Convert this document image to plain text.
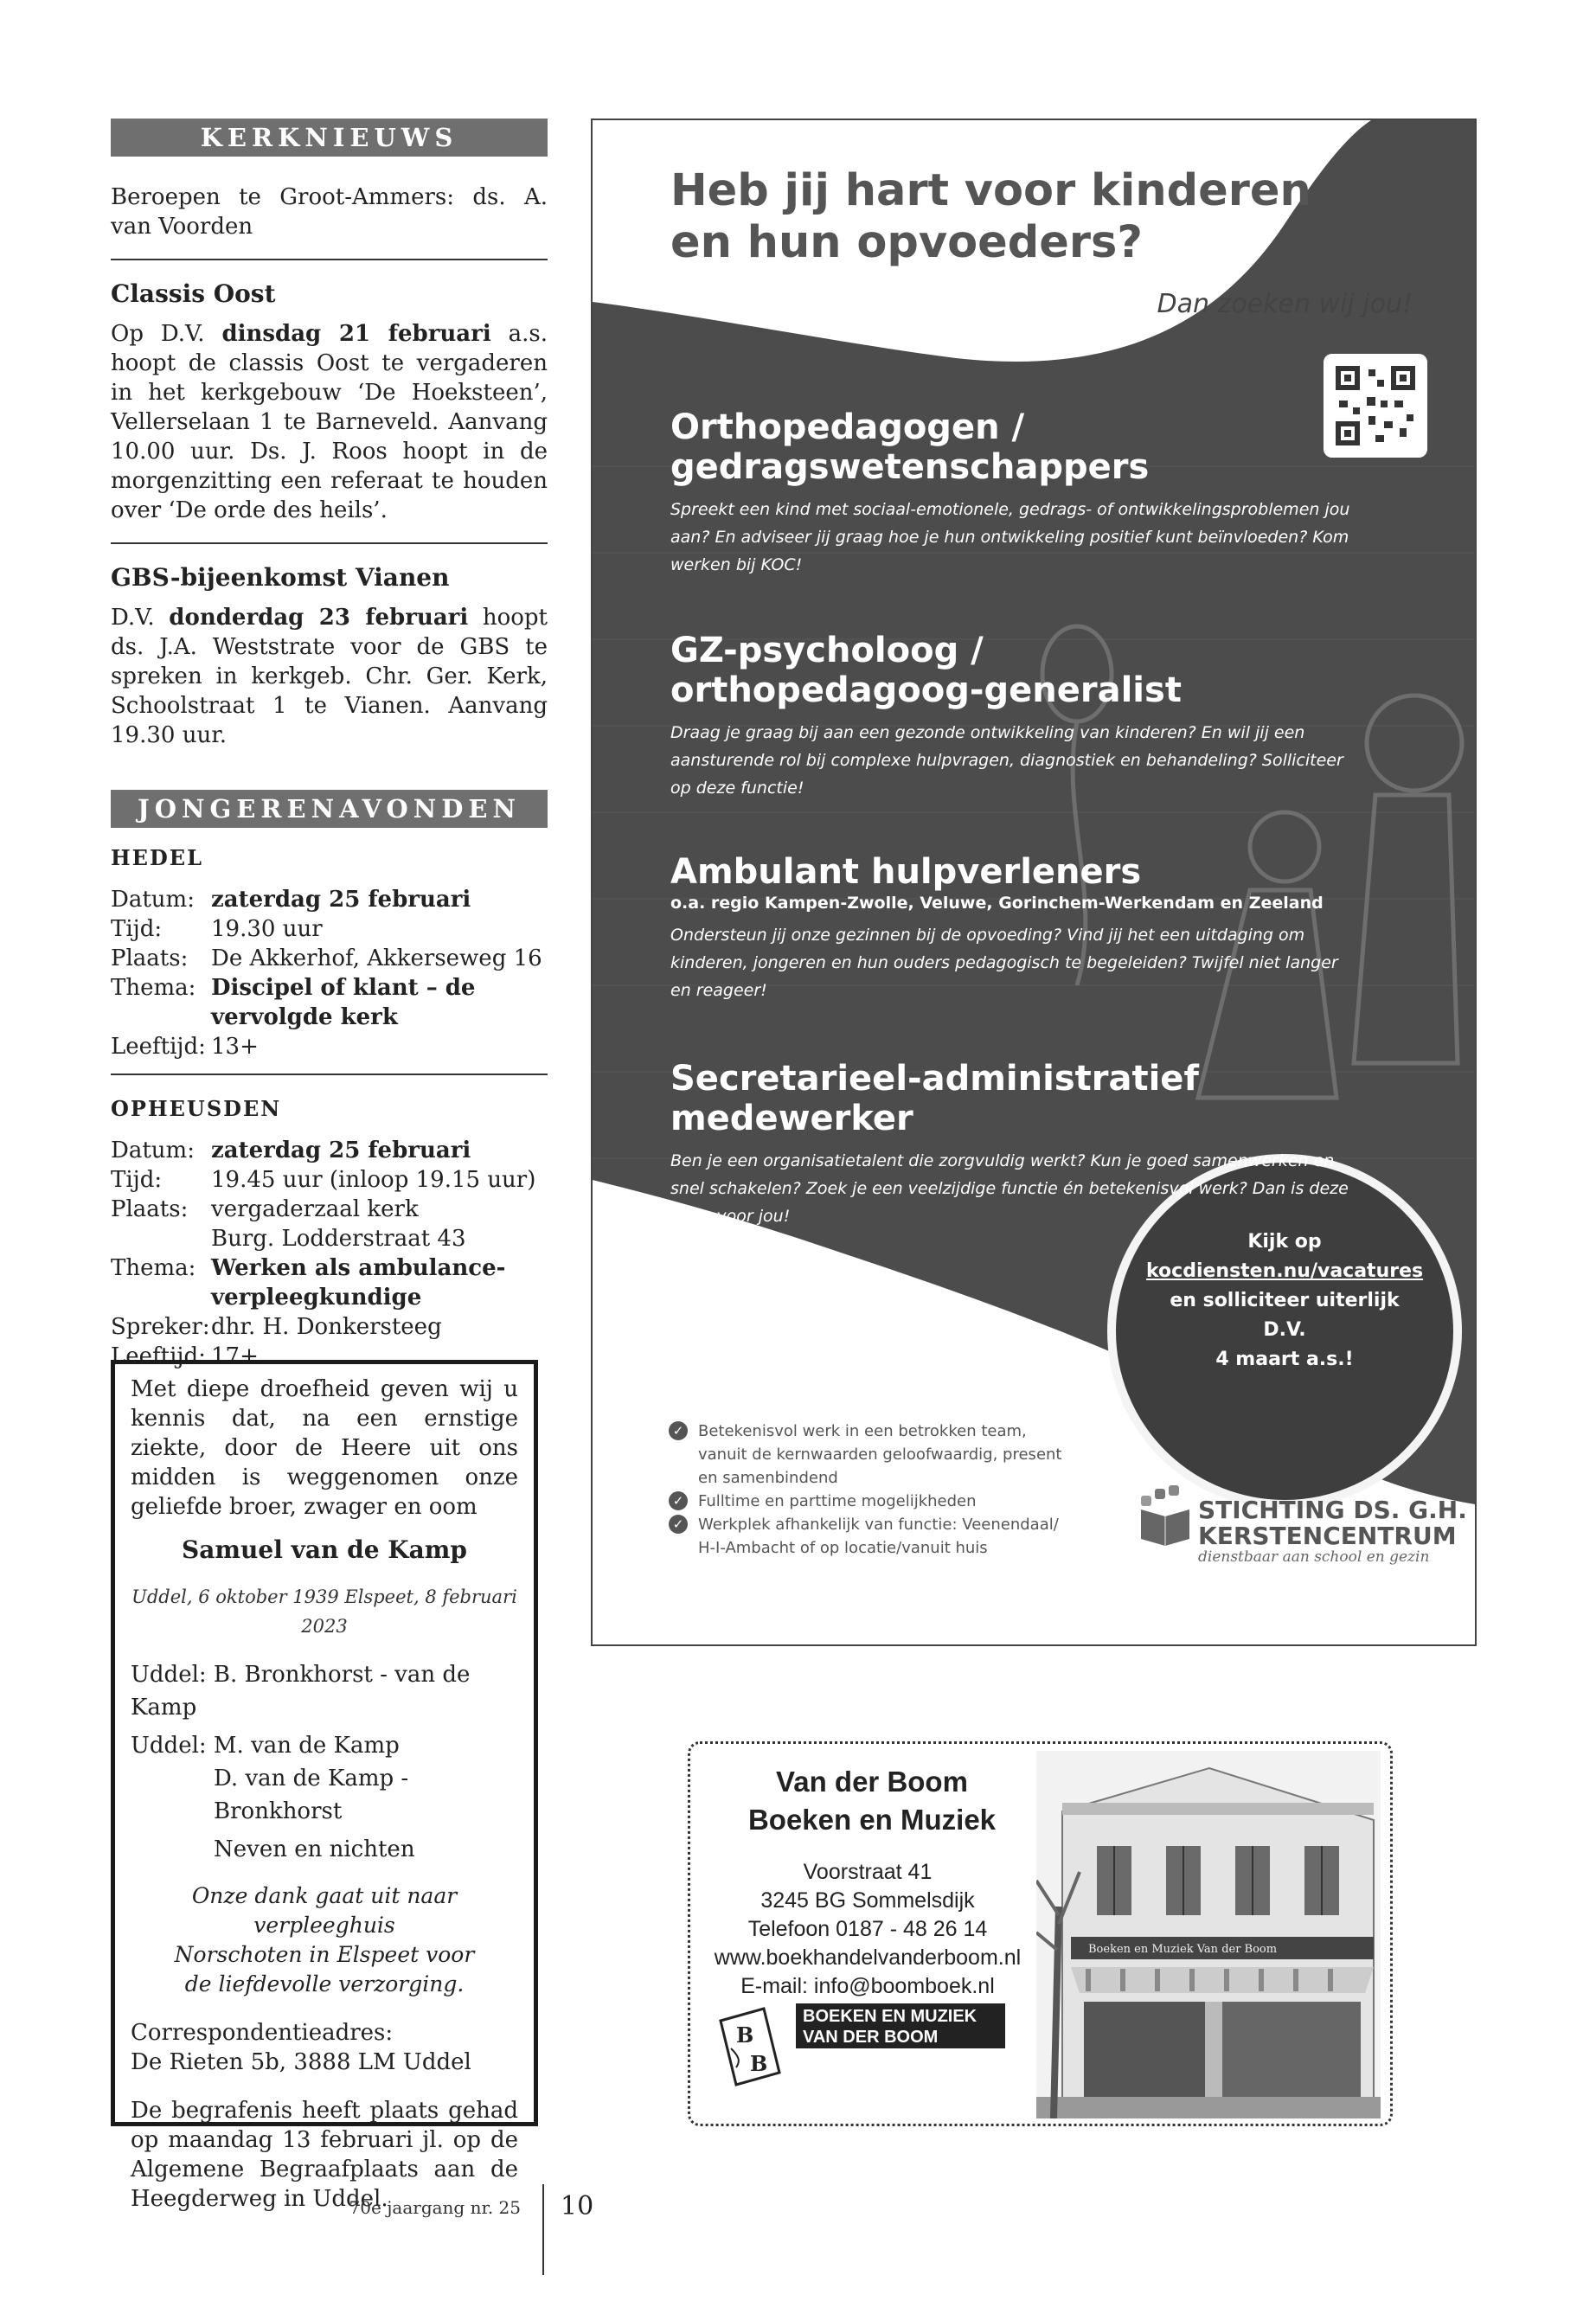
KERKNIEUWS
Beroepen te Groot-Ammers: ds. A. van Voorden
Classis Oost
Op D.V. dinsdag 21 februari a.s. hoopt de classis Oost te vergaderen in het kerkgebouw ‘De Hoeksteen’, Vellerselaan 1 te Barneveld. Aanvang 10.00 uur. Ds. J. Roos hoopt in de morgenzitting een referaat te houden over ‘De orde des heils’.
GBS-bijeenkomst Vianen
D.V. donderdag 23 februari hoopt ds. J.A. Weststrate voor de GBS te spreken in kerkgeb. Chr. Ger. Kerk, Schoolstraat 1 te Vianen. Aanvang 19.30 uur.
JONGERENAVONDEN
HEDEL
Datum: zaterdag 25 februari
Tijd:	19.30 uur
Plaats:	De Akkerhof, Akkerseweg 16
Thema: Discipel of klant – de vervolgde kerk
Leeftijd: 13+
OPHEUSDEN
Datum: zaterdag 25 februari
Tijd:	19.45 uur (inloop 19.15 uur)
Plaats:	vergaderzaal kerk
Burg. Lodderstraat 43
Thema: Werken als ambulance-
verpleegkundige
Spreker: dhr. H. Donkersteeg
Leeftijd: 17+
Met diepe droefheid geven wij u kennis dat, na een ernstige ziekte, door de Heere uit ons midden is weggenomen onze geliefde broer, zwager en oom
Samuel van de Kamp
Uddel, 6 oktober 1939 Elspeet, 8 februari 2023
Uddel: B. Bronkhorst - van de Kamp
Uddel: M. van de Kamp
D. van de Kamp - Bronkhorst
Neven en nichten
Onze dank gaat uit naar verpleeghuis
Norschoten in Elspeet voor
de liefdevolle verzorging.
Correspondentieadres:
De Rieten 5b, 3888 LM Uddel
De begrafenis heeft plaats gehad op maandag 13 februari jl. op de Algemene Begraafplaats aan de Heegderweg in Uddel.
Heb jij hart voor kinderen
en hun opvoeders?
Dan zoeken wij jou!
Orthopedagogen /
gedragswetenschappers
Spreekt een kind met sociaal-emotionele, gedrags- of ontwikkelingsproblemen jou aan? En adviseer jij graag hoe je hun ontwikkeling positief kunt beïnvloeden? Kom werken bij KOC!
GZ-psycholoog /
orthopedagoog-generalist
Draag je graag bij aan een gezonde ontwikkeling van kinderen? En wil jij een aansturende rol bij complexe hulpvragen, diagnostiek en behandeling? Solliciteer op deze functie!
Ambulant hulpverleners
o.a. regio Kampen-Zwolle, Veluwe, Gorinchem-Werkendam en Zeeland
Ondersteun jij onze gezinnen bij de opvoeding? Vind jij het een uitdaging om kinderen, jongeren en hun ouders pedagogisch te begeleiden? Twijfel niet langer en reageer!
Secretarieel-administratief
medewerker
Ben je een organisatietalent die zorgvuldig werkt? Kun je goed samenwerken en snel schakelen? Zoek je een veelzijdige functie én betekenisvol werk? Dan is deze baan voor jou!
Kijk op
kocdiensten.nu/vacatures
en solliciteer uiterlijk D.V.
4 maart a.s.!
✓ Betekenisvol werk in een betrokken team,
vanuit de kernwaarden geloofwaardig, present
en samenbindend
✓ Fulltime en parttime mogelijkheden
✓ Werkplek afhankelijk van functie: Veenendaal/
H-I-Ambacht of op locatie/vanuit huis
STICHTING DS. G.H.
KERSTENCENTRUM
dienstbaar aan school en gezin
Van der Boom
Boeken en Muziek
Voorstraat 41
3245 BG Sommelsdijk
Telefoon 0187 - 48 26 14
www.boekhandelvanderboom.nl
E-mail: info@boomboek.nl
B
B
BOEKEN EN MUZIEK
VAN DER BOOM
Boeken en Muziek Van der Boom
70e jaargang nr. 25 10
